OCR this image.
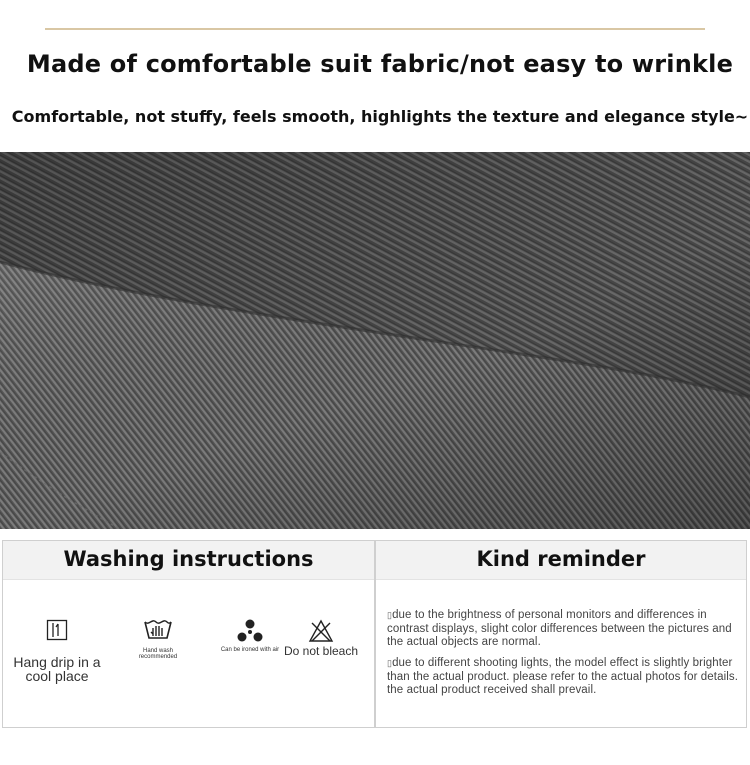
Made of comfortable suit fabric/not easy to wrinkle
Comfortable, not stuffy, feels smooth, highlights the texture and elegance style~
Washing instructions
Hang drip in a cool place
Hand wash recommended
Can be ironed with air Do not bleach
Kind reminder
▯due to the brightness of personal monitors and differences in contrast displays, slight color differences between the pictures and the actual objects are normal.
▯due to different shooting lights, the model effect is slightly brighter than the actual product. please refer to the actual photos for details. the actual product received shall prevail.
